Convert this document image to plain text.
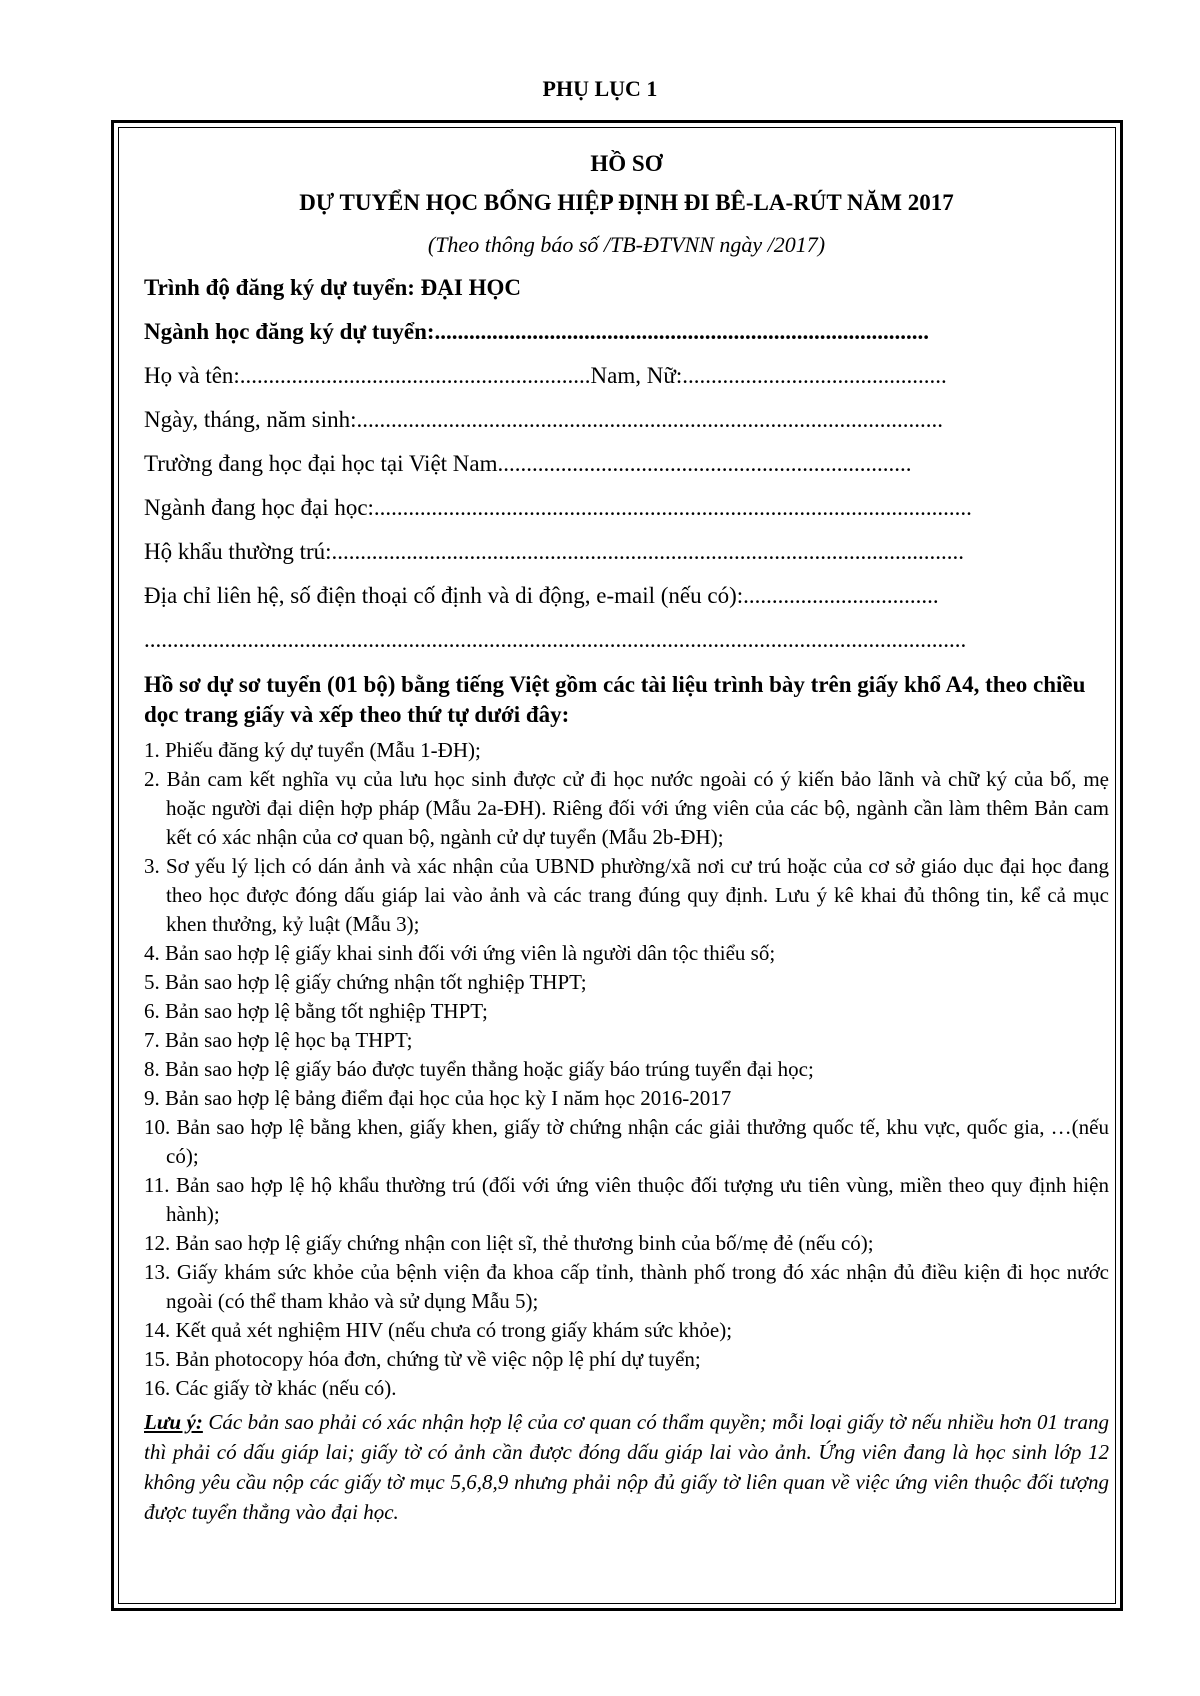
PHỤ LỤC 1
HỒ SƠ
DỰ TUYỂN HỌC BỔNG HIỆP ĐỊNH ĐI BÊ-LA-RÚT NĂM 2017
(Theo thông báo số /TB-ĐTVNN ngày /2017)
Trình độ đăng ký dự tuyển: ĐẠI HỌC
Ngành học đăng ký dự tuyển:......................................................................................
Họ và tên:.............................................................Nam, Nữ:..............................................
Ngày, tháng, năm sinh:......................................................................................................
Trường đang học đại học tại Việt Nam........................................................................
Ngành đang học đại học:........................................................................................................
Hộ khẩu thường trú:..............................................................................................................
Địa chỉ liên hệ, số điện thoại cố định và di động, e-mail (nếu có):..................................
...............................................................................................................................................
Hồ sơ dự sơ tuyển (01 bộ) bằng tiếng Việt gồm các tài liệu trình bày trên giấy khổ A4, theo chiều dọc trang giấy và xếp theo thứ tự dưới đây:
1. Phiếu đăng ký dự tuyển (Mẫu 1-ĐH);
2. Bản cam kết nghĩa vụ của lưu học sinh được cử đi học nước ngoài có ý kiến bảo lãnh và chữ ký của bố, mẹ hoặc người đại diện hợp pháp (Mẫu 2a-ĐH). Riêng đối với ứng viên của các bộ, ngành cần làm thêm Bản cam kết có xác nhận của cơ quan bộ, ngành cử dự tuyển (Mẫu 2b-ĐH);
3. Sơ yếu lý lịch có dán ảnh và xác nhận của UBND phường/xã nơi cư trú hoặc của cơ sở giáo dục đại học đang theo học được đóng dấu giáp lai vào ảnh và các trang đúng quy định. Lưu ý kê khai đủ thông tin, kể cả mục khen thưởng, kỷ luật (Mẫu 3);
4. Bản sao hợp lệ giấy khai sinh đối với ứng viên là người dân tộc thiểu số;
5. Bản sao hợp lệ giấy chứng nhận tốt nghiệp THPT;
6. Bản sao hợp lệ bằng tốt nghiệp THPT;
7. Bản sao hợp lệ học bạ THPT;
8. Bản sao hợp lệ giấy báo được tuyển thẳng hoặc giấy báo trúng tuyển đại học;
9. Bản sao hợp lệ bảng điểm đại học của học kỳ I năm học 2016-2017
10. Bản sao hợp lệ bằng khen, giấy khen, giấy tờ chứng nhận các giải thưởng quốc tế, khu vực, quốc gia, …(nếu có);
11. Bản sao hợp lệ hộ khẩu thường trú (đối với ứng viên thuộc đối tượng ưu tiên vùng, miền theo quy định hiện hành);
12. Bản sao hợp lệ giấy chứng nhận con liệt sĩ, thẻ thương binh của bố/mẹ đẻ (nếu có);
13. Giấy khám sức khỏe của bệnh viện đa khoa cấp tỉnh, thành phố trong đó xác nhận đủ điều kiện đi học nước ngoài (có thể tham khảo và sử dụng Mẫu 5);
14. Kết quả xét nghiệm HIV (nếu chưa có trong giấy khám sức khỏe);
15. Bản photocopy hóa đơn, chứng từ về việc nộp lệ phí dự tuyển;
16. Các giấy tờ khác (nếu có).
Lưu ý: Các bản sao phải có xác nhận hợp lệ của cơ quan có thẩm quyền; mỗi loại giấy tờ nếu nhiều hơn 01 trang thì phải có dấu giáp lai; giấy tờ có ảnh cần được đóng dấu giáp lai vào ảnh. Ứng viên đang là học sinh lớp 12 không yêu cầu nộp các giấy tờ mục 5,6,8,9 nhưng phải nộp đủ giấy tờ liên quan về việc ứng viên thuộc đối tượng được tuyển thẳng vào đại học.
